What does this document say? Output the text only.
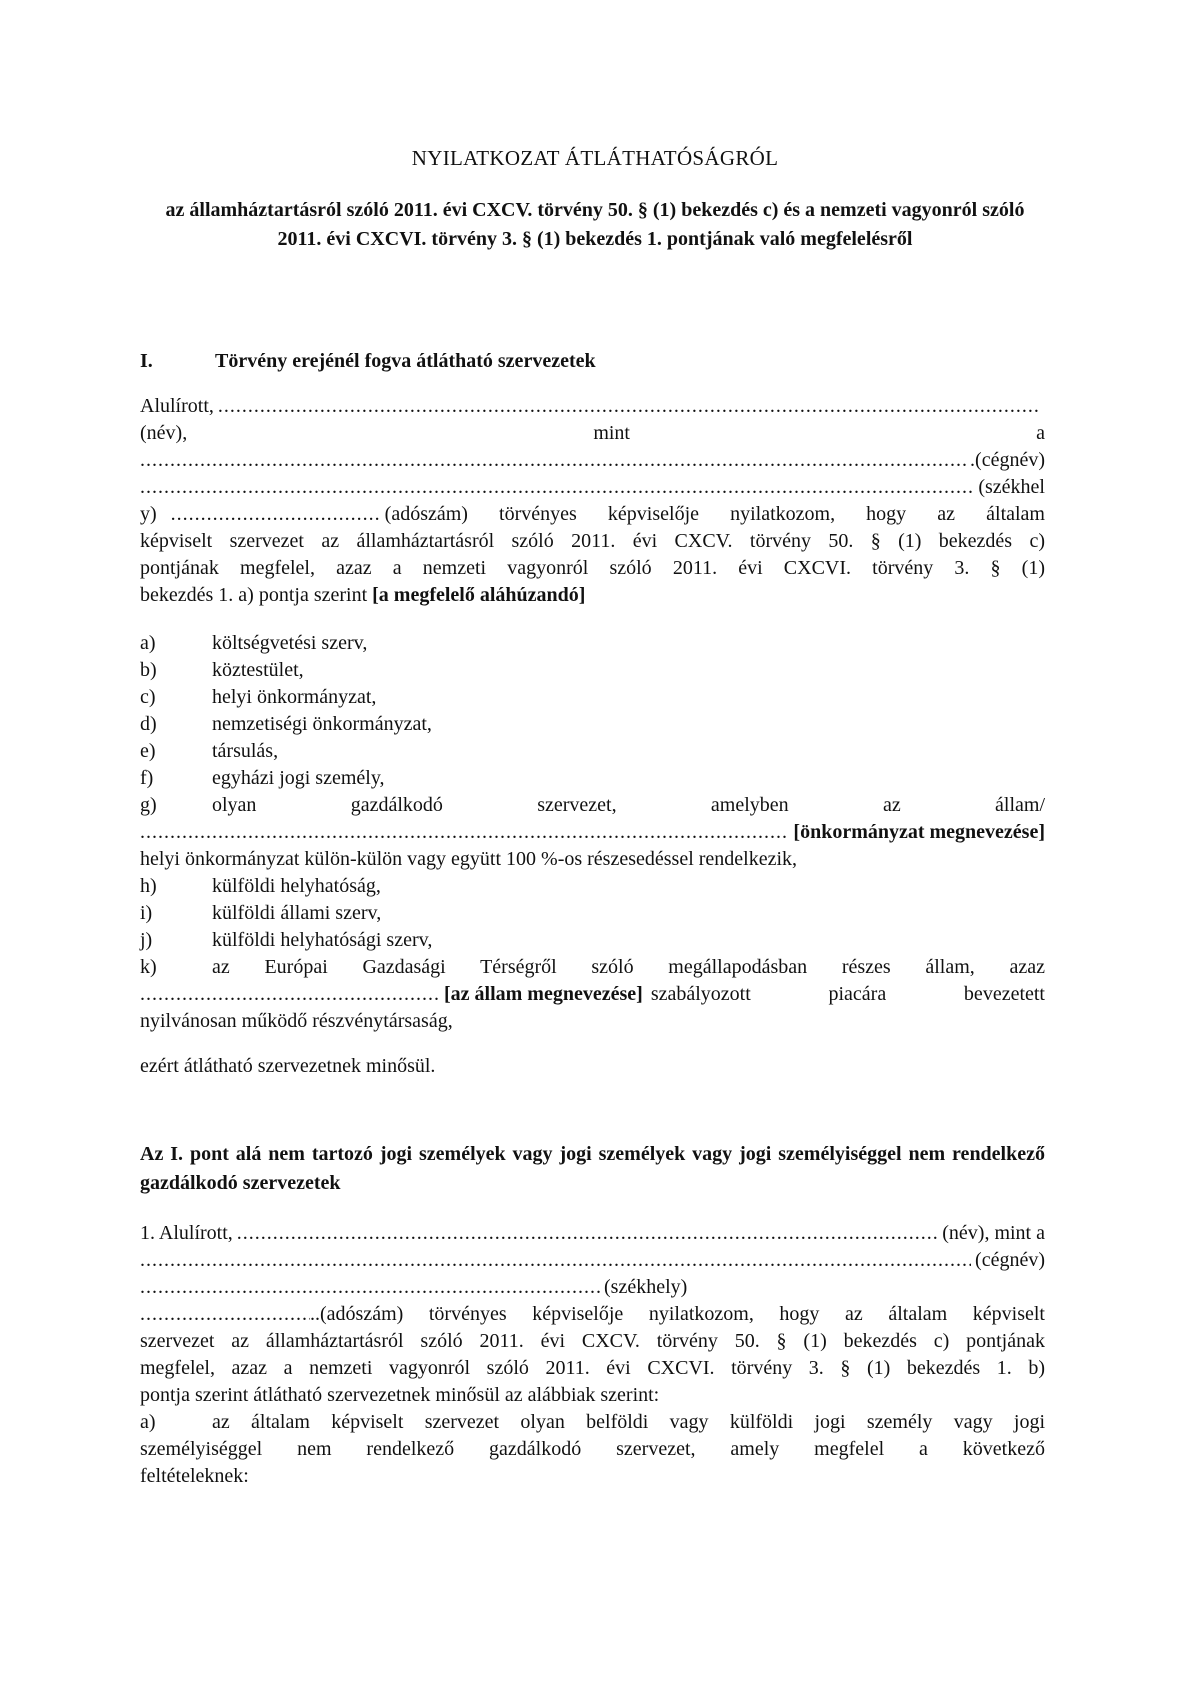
NYILATKOZAT ÁTLÁTHATÓSÁGRÓL
az államháztartásról szóló 2011. évi CXCV. törvény 50. § (1) bekezdés c) és a nemzeti vagyonról szóló 2011. évi CXCVI. törvény 3. § (1) bekezdés 1. pontjának való megfelelésről
I.	Törvény erejénél fogva átlátható szervezetek
Alulírott,
.....
(név),	mint	a
.....
.(cégnév)
.....
(székhel
y) .....	(adószám) törvényes képviselője nyilatkozom, hogy az általam
képviselt szervezet az államháztartásról szóló 2011. évi CXCV. törvény 50. § (1) bekezdés c)
pontjának megfelel, azaz a nemzeti vagyonról szóló 2011. évi CXCVI. törvény 3. § (1)
bekezdés 1. a) pontja szerint [a megfelelő aláhúzandó]
a)	költségvetési szerv,
b)	köztestület,
c)	helyi önkormányzat,
d)	nemzetiségi önkormányzat,
e)	társulás,
f)	egyházi jogi személy,
g)	olyan	gazdálkodó	szervezet,	amelyben	az	állam/
.....
[önkormányzat megnevezése]
helyi önkormányzat külön-külön vagy együtt 100 %-os részesedéssel rendelkezik,
h)	külföldi helyhatóság,
i)	külföldi állami szerv,
j)	külföldi helyhatósági szerv,
k)	az Európai Gazdasági Térségről szóló megállapodásban részes állam, azaz
.....
[az állam megnevezése] szabályozott piacára bevezetett
nyilvánosan működő részvénytársaság,
ezért átlátható szervezetnek minősül.
Az I. pont alá nem tartozó jogi személyek vagy jogi személyek vagy jogi személyiséggel nem rendelkező gazdálkodó szervezetek
1. Alulírott, .....	(név), mint a
.....
(cégnév)
.....
(székhely)
.....
..(adószám) törvényes képviselője nyilatkozom, hogy az általam képviselt
szervezet az államháztartásról szóló 2011. évi CXCV. törvény 50. § (1) bekezdés c) pontjának
megfelel, azaz a nemzeti vagyonról szóló 2011. évi CXCVI. törvény 3. § (1) bekezdés 1. b)
pontja szerint átlátható szervezetnek minősül az alábbiak szerint:
a)	az általam képviselt szervezet olyan belföldi vagy külföldi jogi személy vagy jogi
személyiséggel nem rendelkező gazdálkodó szervezet, amely megfelel a következő
feltételeknek:
